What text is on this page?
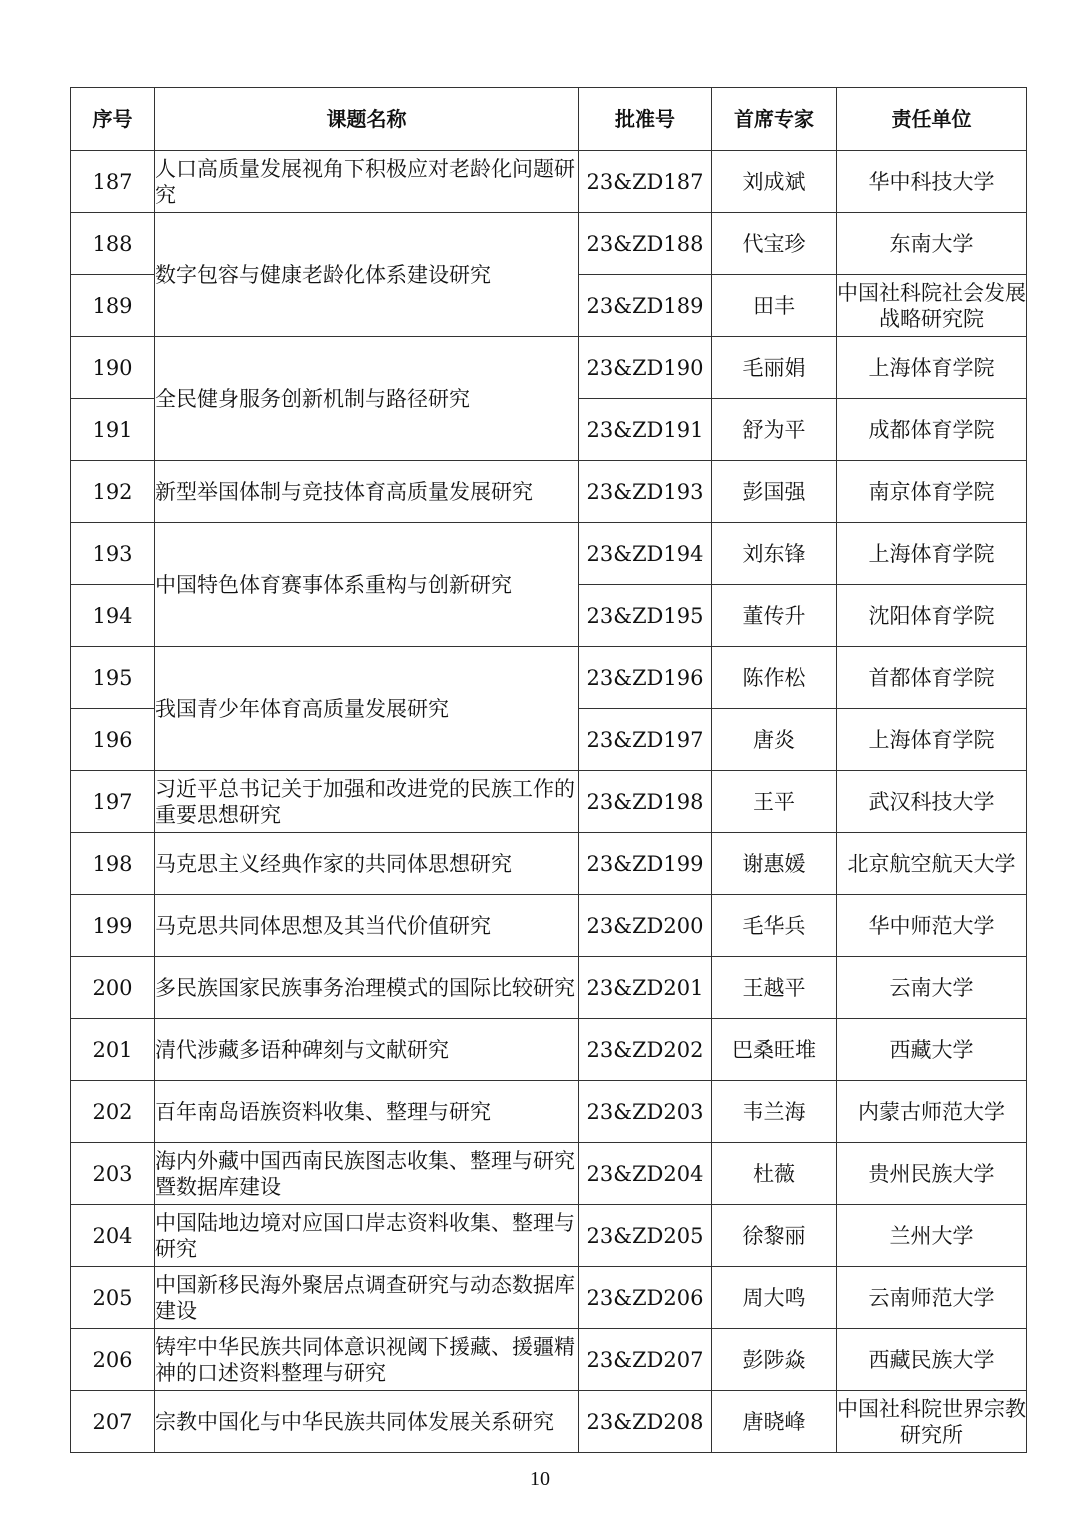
序号	课题名称	批准号	首席专家	责任单位
187	人口高质量发展视角下积极应对老龄化问题研究	23&ZD187	刘成斌	华中科技大学
188	数字包容与健康老龄化体系建设研究	23&ZD188	代宝珍	东南大学
189		23&ZD189	田丰	中国社科院社会发展战略研究院
190	全民健身服务创新机制与路径研究	23&ZD190	毛丽娟	上海体育学院
191		23&ZD191	舒为平	成都体育学院
192	新型举国体制与竞技体育高质量发展研究	23&ZD193	彭国强	南京体育学院
193	中国特色体育赛事体系重构与创新研究	23&ZD194	刘东锋	上海体育学院
194		23&ZD195	董传升	沈阳体育学院
195	我国青少年体育高质量发展研究	23&ZD196	陈作松	首都体育学院
196		23&ZD197	唐炎	上海体育学院
197	习近平总书记关于加强和改进党的民族工作的重要思想研究	23&ZD198	王平	武汉科技大学
198	马克思主义经典作家的共同体思想研究	23&ZD199	谢惠媛	北京航空航天大学
199	马克思共同体思想及其当代价值研究	23&ZD200	毛华兵	华中师范大学
200	多民族国家民族事务治理模式的国际比较研究	23&ZD201	王越平	云南大学
201	清代涉藏多语种碑刻与文献研究	23&ZD202	巴桑旺堆	西藏大学
202	百年南岛语族资料收集、整理与研究	23&ZD203	韦兰海	内蒙古师范大学
203	海内外藏中国西南民族图志收集、整理与研究暨数据库建设	23&ZD204	杜薇	贵州民族大学
204	中国陆地边境对应国口岸志资料收集、整理与研究	23&ZD205	徐黎丽	兰州大学
205	中国新移民海外聚居点调查研究与动态数据库建设	23&ZD206	周大鸣	云南师范大学
206	铸牢中华民族共同体意识视阈下援藏、援疆精神的口述资料整理与研究	23&ZD207	彭陟焱	西藏民族大学
207	宗教中国化与中华民族共同体发展关系研究	23&ZD208	唐晓峰	中国社科院世界宗教研究所
10
